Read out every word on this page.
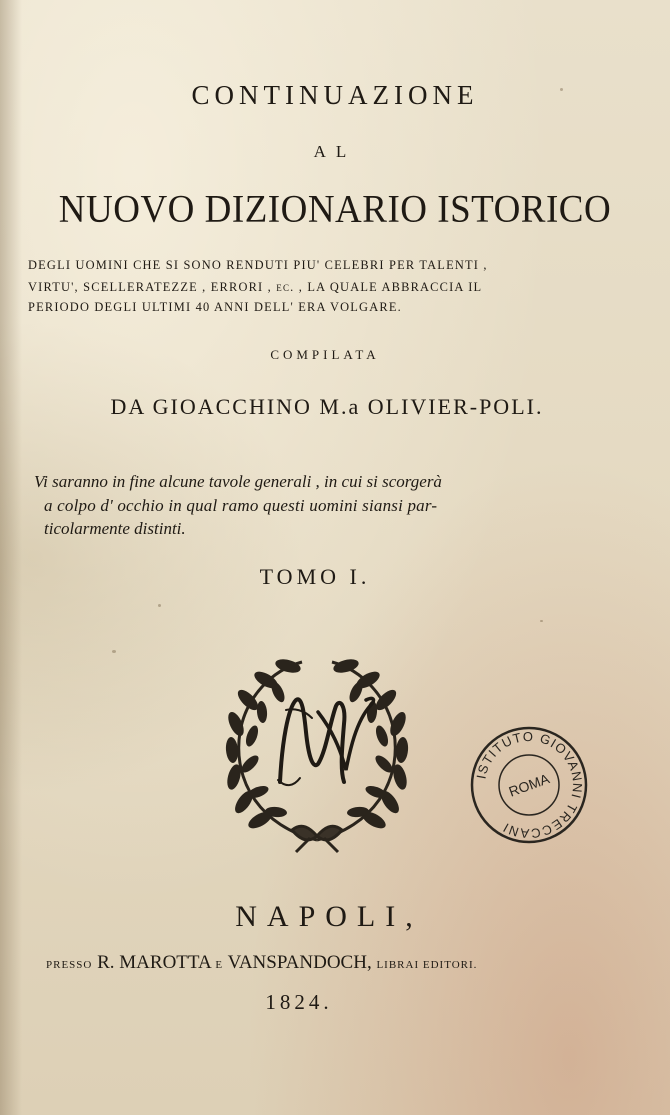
CONTINUAZIONE
AL
NUOVO DIZIONARIO ISTORICO
DEGLI UOMINI CHE SI SONO RENDUTI PIU' CELEBRI PER TALENTI ,
VIRTU', SCELLERATEZZE , ERRORI , ec. , LA QUALE ABBRACCIA IL
PERIODO DEGLI ULTIMI 40 ANNI DELL' ERA VOLGARE.
COMPILATA
DA GIOACCHINO M.a OLIVIER-POLI.
Vi saranno in fine alcune tavole generali , in cui si scorgerà
a colpo d' occhio in qual ramo questi uomini siansi par-
ticolarmente distinti.
TOMO I.
ISTITUTO GIOVANNI TRECCANI
ROMA
NAPOLI,
PRESSO R. MAROTTA E VANSPANDOCH, LIBRAI EDITORI.
1824.
